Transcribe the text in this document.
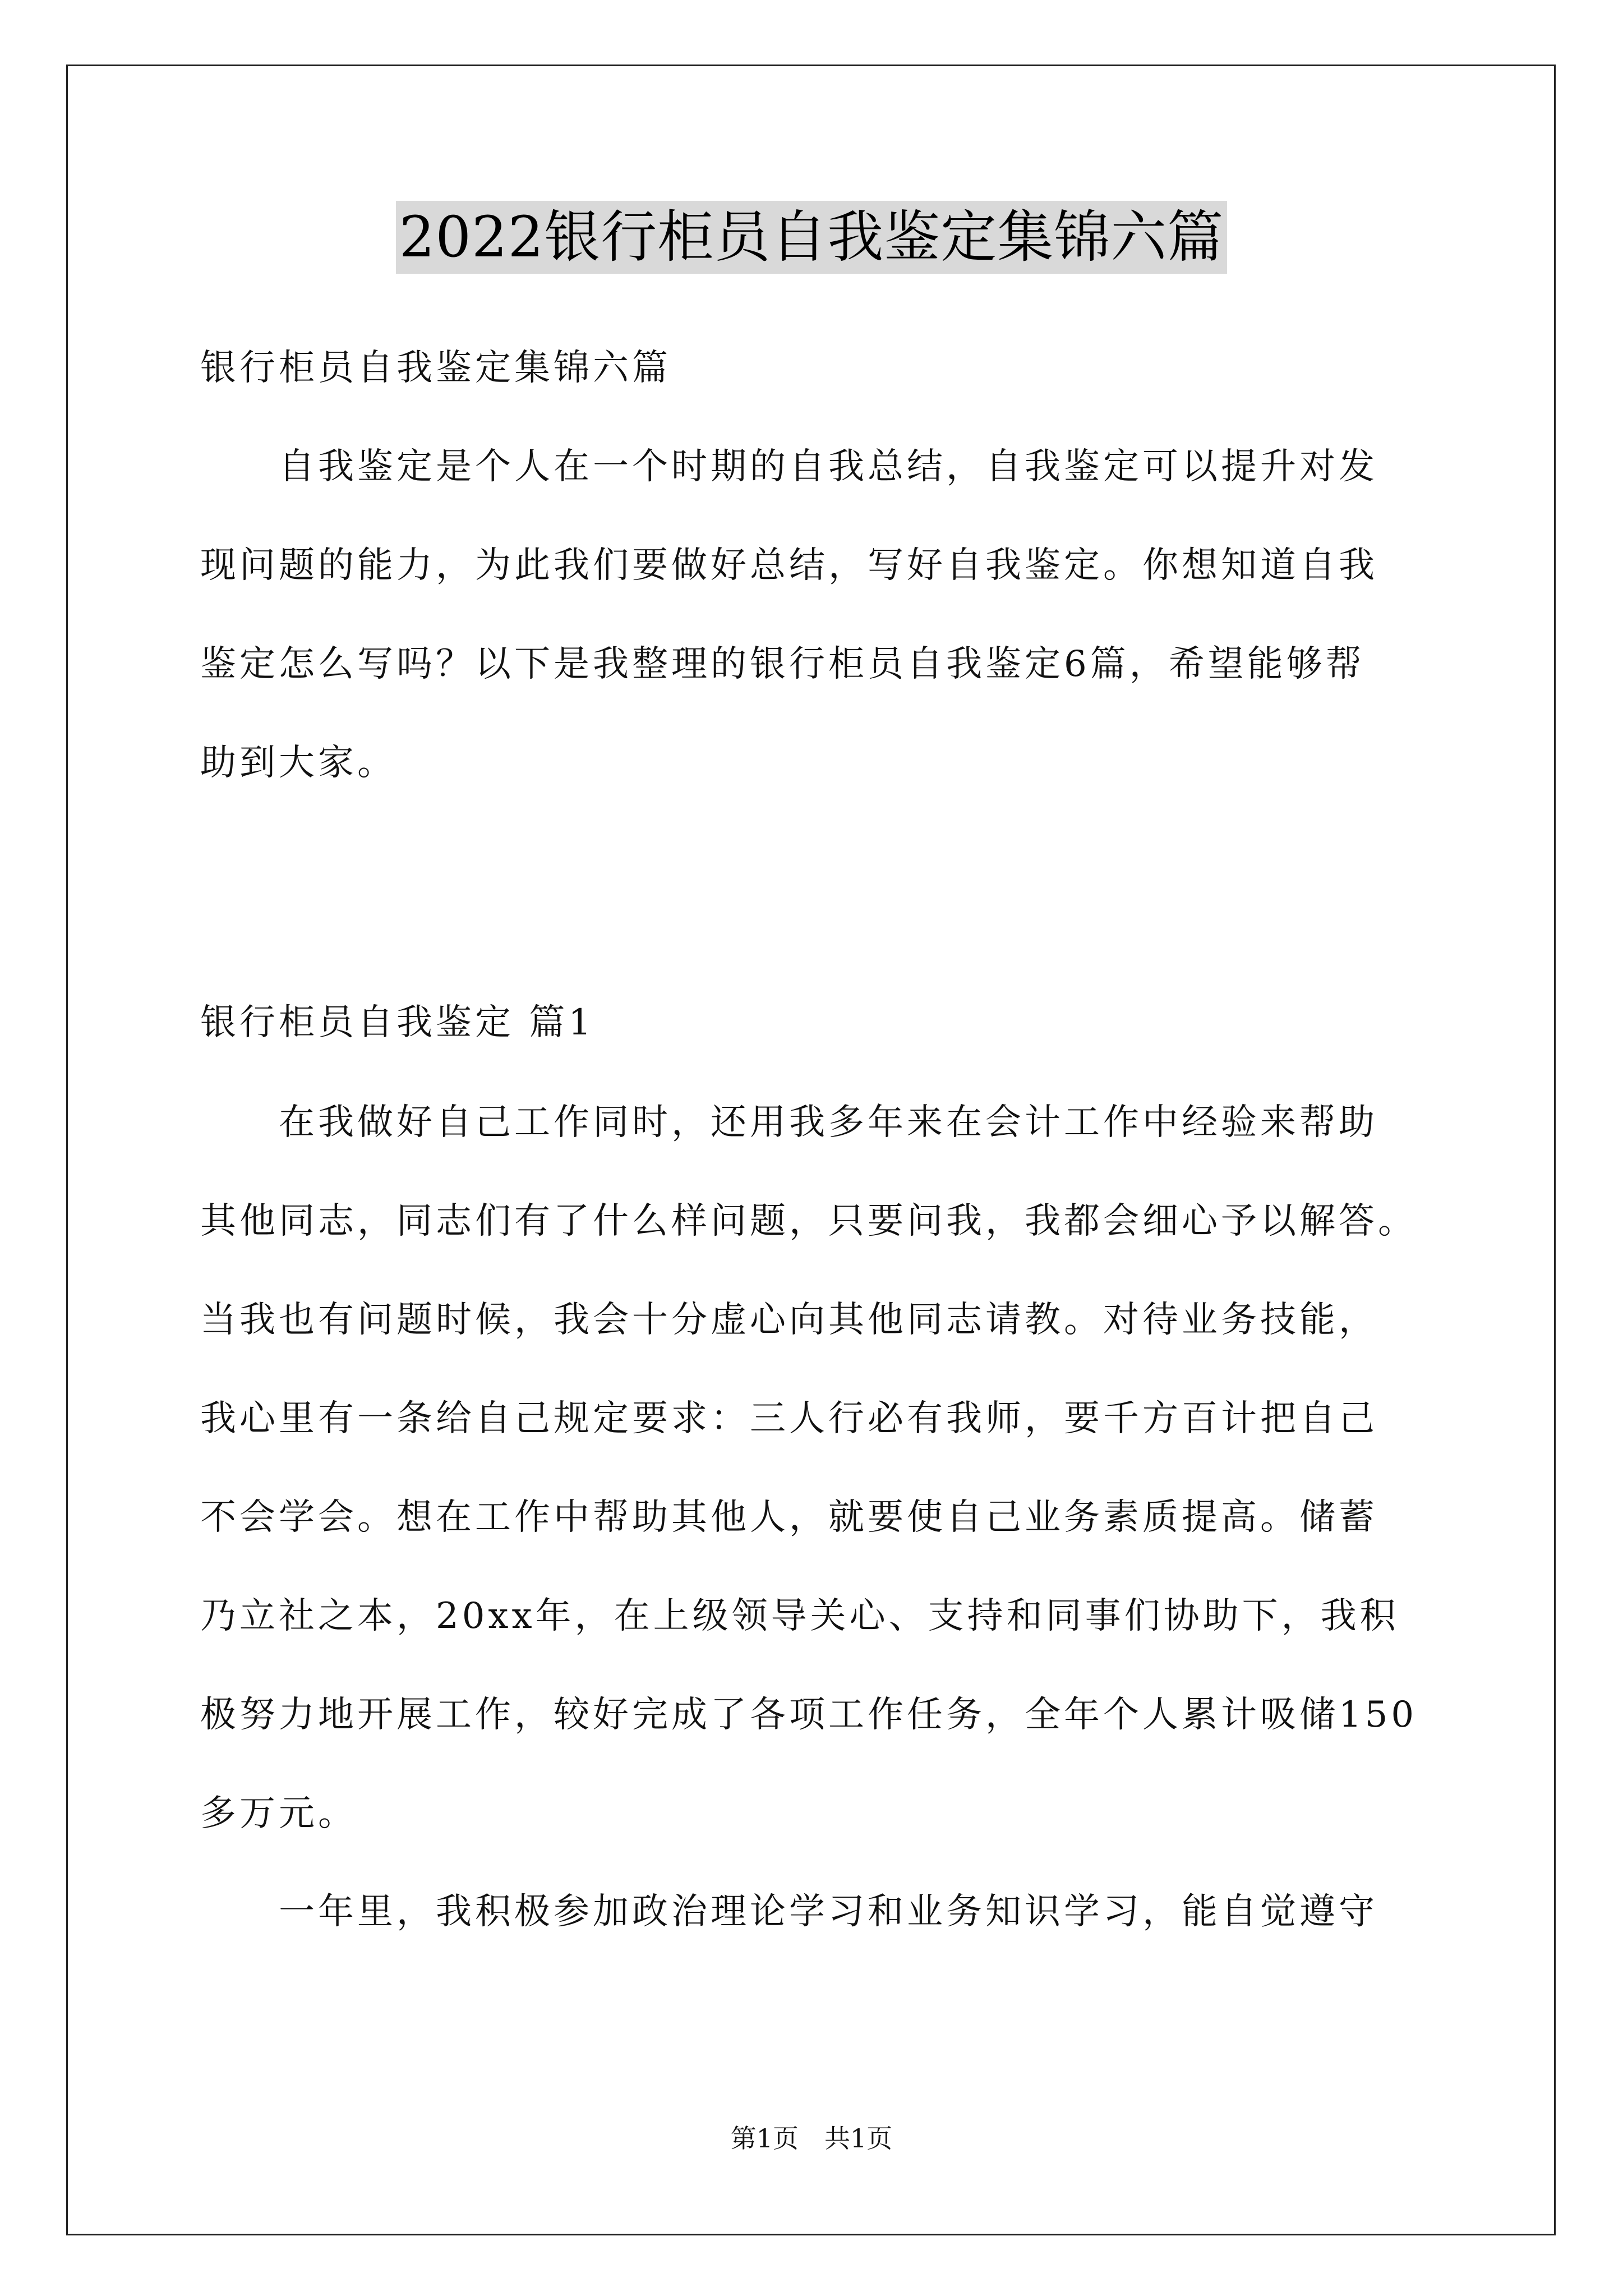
2022银行柜员自我鉴定集锦六篇
银行柜员自我鉴定集锦六篇
　　自我鉴定是个人在一个时期的自我总结，自我鉴定可以提升对发
现问题的能力，为此我们要做好总结，写好自我鉴定。你想知道自我
鉴定怎么写吗？以下是我整理的银行柜员自我鉴定6篇，希望能够帮
助到大家。
银行柜员自我鉴定 篇1
　　在我做好自己工作同时，还用我多年来在会计工作中经验来帮助
其他同志，同志们有了什么样问题，只要问我，我都会细心予以解答。
当我也有问题时候，我会十分虚心向其他同志请教。对待业务技能，
我心里有一条给自己规定要求：三人行必有我师，要千方百计把自己
不会学会。想在工作中帮助其他人，就要使自己业务素质提高。储蓄
乃立社之本，20xx年，在上级领导关心、支持和同事们协助下，我积
极努力地开展工作，较好完成了各项工作任务，全年个人累计吸储150
多万元。
　　一年里，我积极参加政治理论学习和业务知识学习，能自觉遵守
第1页　共1页
